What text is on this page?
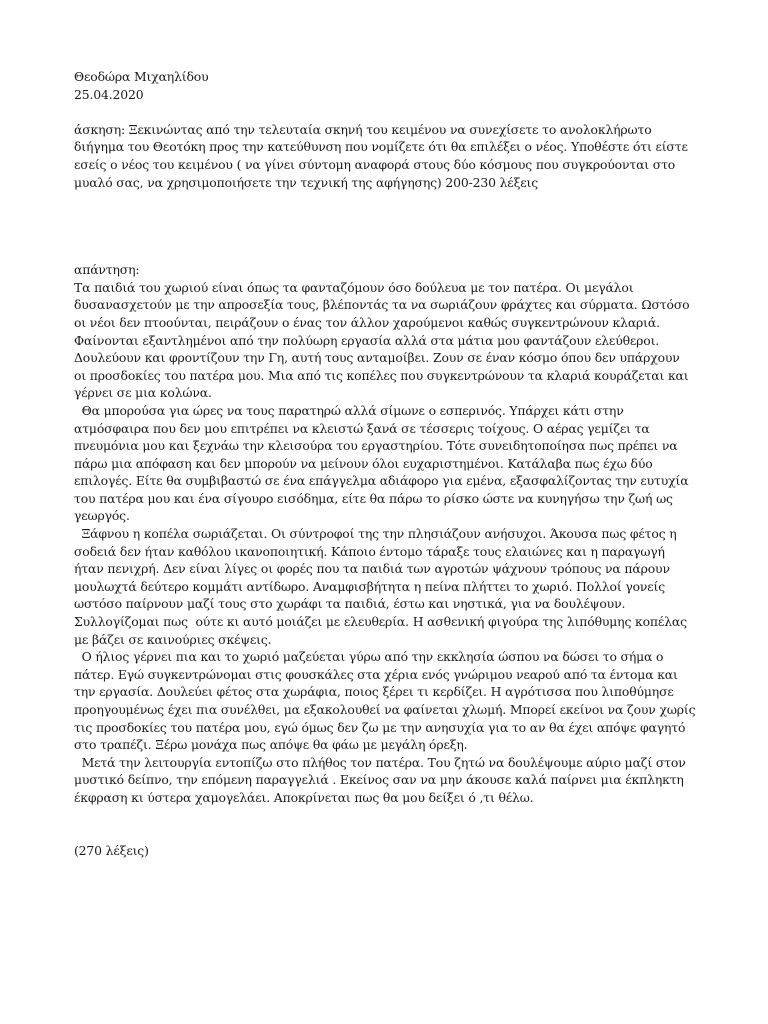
Θεοδώρα Μιχαηλίδου
25.04.2020
άσκηση: Ξεκινώντας από την τελευταία σκηνή του κειμένου να συνεχίσετε το ανολοκλήρωτο
διήγημα του Θεοτόκη προς την κατεύθυνση που νομίζετε ότι θα επιλέξει ο νέος. Υποθέστε ότι είστε
εσείς ο νέος του κειμένου ( να γίνει σύντομη αναφορά στους δύο κόσμους που συγκρούονται στο
μυαλό σας, να χρησιμοποιήσετε την τεχνική της αφήγησης) 200-230 λέξεις
απάντηση:
Τα παιδιά του χωριού είναι όπως τα φανταζόμουν όσο δούλευα με τον πατέρα. Οι μεγάλοι
δυσανασχετούν με την απροσεξία τους, βλέποντάς τα να σωριάζουν φράχτες και σύρματα. Ωστόσο
οι νέοι δεν πτοούνται, πειράζουν ο ένας τον άλλον χαρούμενοι καθώς συγκεντρώνουν κλαριά.
Φαίνονται εξαντλημένοι από την πολύωρη εργασία αλλά στα μάτια μου φαντάζουν ελεύθεροι.
Δουλεύουν και φροντίζουν την Γη, αυτή τους ανταμοίβει. Ζουν σε έναν κόσμο όπου δεν υπάρχουν
οι προσδοκίες του πατέρα μου. Μια από τις κοπέλες που συγκεντρώνουν τα κλαριά κουράζεται και
γέρνει σε μια κολώνα.
Θα μπορούσα για ώρες να τους παρατηρώ αλλά σίμωνε ο εσπερινός. Υπάρχει κάτι στην
ατμόσφαιρα που δεν μου επιτρέπει να κλειστώ ξανά σε τέσσερις τοίχους. Ο αέρας γεμίζει τα
πνευμόνια μου και ξεχνάω την κλεισούρα του εργαστηρίου. Τότε συνειδητοποίησα πως πρέπει να
πάρω μια απόφαση και δεν μπορούν να μείνουν όλοι ευχαριστημένοι. Κατάλαβα πως έχω δύο
επιλογές. Είτε θα συμβιβαστώ σε ένα επάγγελμα αδιάφορο για εμένα, εξασφαλίζοντας την ευτυχία
του πατέρα μου και ένα σίγουρο εισόδημα, είτε θα πάρω το ρίσκο ώστε να κυνηγήσω την ζωή ως
γεωργός.
Ξάφνου η κοπέλα σωριάζεται. Οι σύντροφοί της την πλησιάζουν ανήσυχοι. Άκουσα πως φέτος η
σοδειά δεν ήταν καθόλου ικανοποιητική. Κάποιο έντομο τάραξε τους ελαιώνες και η παραγωγή
ήταν πενιχρή. Δεν είναι λίγες οι φορές που τα παιδιά των αγροτών ψάχνουν τρόπους να πάρουν
μουλωχτά δεύτερο κομμάτι αντίδωρο. Αναμφισβήτητα η πείνα πλήττει το χωριό. Πολλοί γονείς
ωστόσο παίρνουν μαζί τους στο χωράφι τα παιδιά, έστω και νηστικά, για να δουλέψουν.
Συλλογίζομαι πως  ούτε κι αυτό μοιάζει με ελευθερία. Η ασθενική φιγούρα της λιπόθυμης κοπέλας
με βάζει σε καινούριες σκέψεις.
Ο ήλιος γέρνει πια και το χωριό μαζεύεται γύρω από την εκκλησία ώσπου να δώσει το σήμα ο
πάτερ. Εγώ συγκεντρώνομαι στις φουσκάλες στα χέρια ενός γνώριμου νεαρού από τα έντομα και
την εργασία. Δουλεύει φέτος στα χωράφια, ποιος ξέρει τι κερδίζει. Η αγρότισσα που λιποθύμησε
προηγουμένως έχει πια συνέλθει, μα εξακολουθεί να φαίνεται χλωμή. Μπορεί εκείνοι να ζουν χωρίς
τις προσδοκίες του πατέρα μου, εγώ όμως δεν ζω με την ανησυχία για το αν θα έχει απόψε φαγητό
στο τραπέζι. Ξέρω μονάχα πως απόψε θα φάω με μεγάλη όρεξη.
Μετά την λειτουργία εντοπίζω στο πλήθος τον πατέρα. Του ζητώ να δουλέψουμε αύριο μαζί στον
μυστικό δείπνο, την επόμενη παραγγελιά . Εκείνος σαν να μην άκουσε καλά παίρνει μια έκπληκτη
έκφραση κι ύστερα χαμογελάει. Αποκρίνεται πως θα μου δείξει ό ,τι θέλω.
(270 λέξεις)
